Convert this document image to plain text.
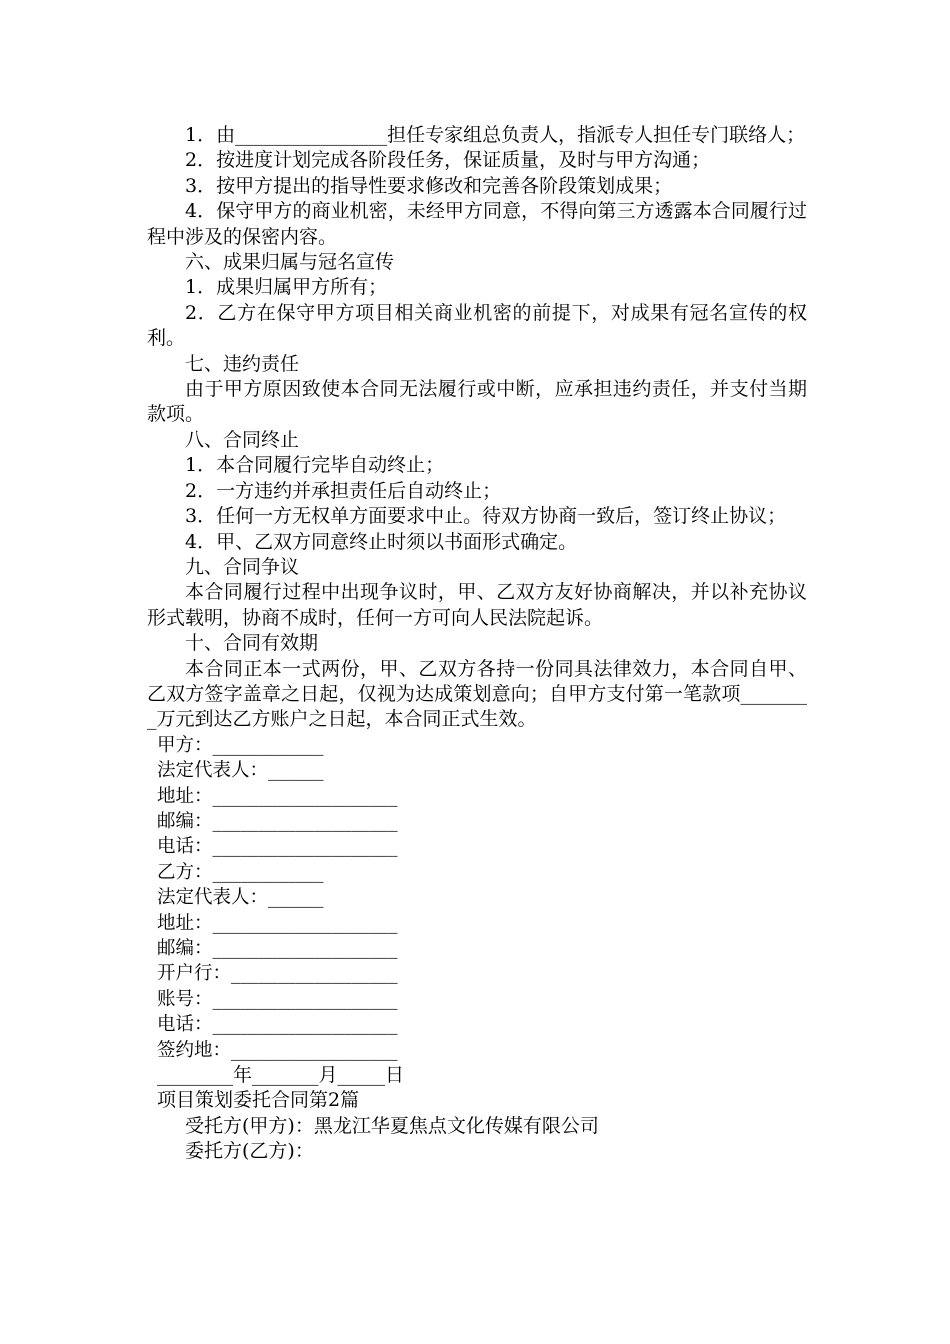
1．由________________担任专家组总负责人，指派专人担任专门联络人；

2．按进度计划完成各阶段任务，保证质量，及时与甲方沟通；

3．按甲方提出的指导性要求修改和完善各阶段策划成果；

4．保守甲方的商业机密，未经甲方同意，不得向第三方透露本合同履行过程中涉及的保密内容。

六、成果归属与冠名宣传

1．成果归属甲方所有；

2．乙方在保守甲方项目相关商业机密的前提下，对成果有冠名宣传的权利。

七、违约责任

由于甲方原因致使本合同无法履行或中断，应承担违约责任，并支付当期款项。

八、合同终止

1．本合同履行完毕自动终止；

2．一方违约并承担责任后自动终止；

3．任何一方无权单方面要求中止。待双方协商一致后，签订终止协议；

4．甲、乙双方同意终止时须以书面形式确定。

九、合同争议

本合同履行过程中出现争议时，甲、乙双方友好协商解决，并以补充协议形式载明，协商不成时，任何一方可向人民法院起诉。

十、合同有效期

本合同正本一式两份，甲、乙双方各持一份同具法律效力，本合同自甲、乙双方签字盖章之日起，仅视为达成策划意向；自甲方支付第一笔款项________万元到达乙方账户之日起，本合同正式生效。

甲方：____________

法定代表人：______

地址：____________________

邮编：____________________

电话：____________________

乙方：____________

法定代表人：______

地址：____________________

邮编：____________________

开户行：__________________

账号：____________________

电话：____________________

签约地：__________________

________年_______月_____日

项目策划委托合同第2篇

受托方(甲方)：黑龙江华夏焦点文化传媒有限公司

委托方(乙方)：
